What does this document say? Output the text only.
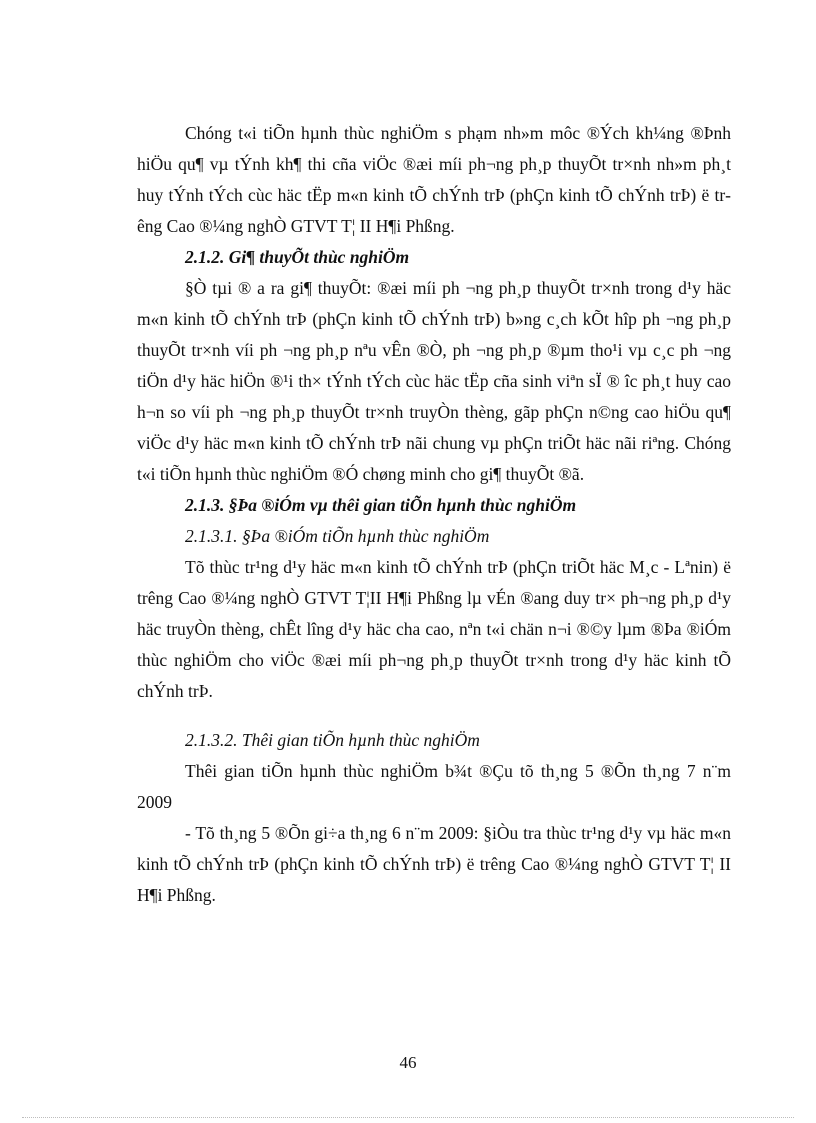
Chóng t«i tiÕn hµnh thùc nghiÖm s phạm nh»m môc ®Ých kh¼ng ®Þnh hiÖu qu¶ vµ tÝnh kh¶ thi cña viÖc ®æi míi ph¬ng ph¸p thuyÕt tr×nh nh»m ph¸t huy tÝnh tÝch cùc häc tËp m«n kinh tÕ chÝnh trÞ (phÇn kinh tÕ chÝnh trÞ) ë trêng Cao ®¼ng nghÒ GTVT T¦ II H¶i Phßng.

2.1.2. Gi¶ thuyÕt thùc nghiÖm

§Ò tµi ® a ra gi¶ thuyÕt: ®æi míi ph ¬ng ph¸p thuyÕt tr×nh trong d¹y häc m«n kinh tÕ chÝnh trÞ (phÇn kinh tÕ chÝnh trÞ) b»ng c¸ch kÕt hîp ph ¬ng ph¸p thuyÕt tr×nh víi ph ¬ng ph¸p nªu vÊn ®Ò, ph ¬ng ph¸p ®µm tho¹i vµ c¸c ph ¬ng tiÖn d¹y häc hiÖn ®¹i th× tÝnh tÝch cùc häc tËp cña sinh viªn sÏ ® îc ph¸t huy cao h¬n so víi ph ¬ng ph¸p thuyÕt tr×nh truyÒn thèng, gãp phÇn n©ng cao hiÖu qu¶ viÖc d¹y häc m«n kinh tÕ chÝnh trÞ nãi chung vµ phÇn triÕt häc nãi riªng. Chóng t«i tiÕn hµnh thùc nghiÖm ®Ó chøng minh cho gi¶ thuyÕt ®ã.

2.1.3. §Þa ®iÓm vµ thêi gian tiÕn hµnh thùc nghiÖm

2.1.3.1. §Þa ®iÓm tiÕn hµnh thùc nghiÖm

Tõ thùc tr¹ng d¹y häc m«n kinh tÕ chÝnh trÞ (phÇn triÕt häc M¸c - Lªnin) ë trêng Cao ®¼ng nghÒ GTVT T¦II H¶i Phßng lµ vÉn ®ang duy tr× ph¬ng ph¸p d¹y häc truyÒn thèng, chÊt lîng d¹y häc cha cao, nªn t«i chän n¬i ®©y lµm ®Þa ®iÓm thùc nghiÖm cho viÖc ®æi míi ph¬ng ph¸p thuyÕt tr×nh trong d¹y häc kinh tÕ chÝnh trÞ.

2.1.3.2. Thêi gian tiÕn hµnh thùc nghiÖm

Thêi gian tiÕn hµnh thùc nghiÖm b¾t ®Çu tõ th¸ng 5 ®Õn th¸ng 7 n¨m 2009

- Tõ th¸ng 5 ®Õn gi÷a th¸ng 6 n¨m 2009: §iÒu tra thùc tr¹ng d¹y vµ häc m«n kinh tÕ chÝnh trÞ (phÇn kinh tÕ chÝnh trÞ) ë trêng Cao ®¼ng nghÒ GTVT T¦ II H¶i Phßng.

46
